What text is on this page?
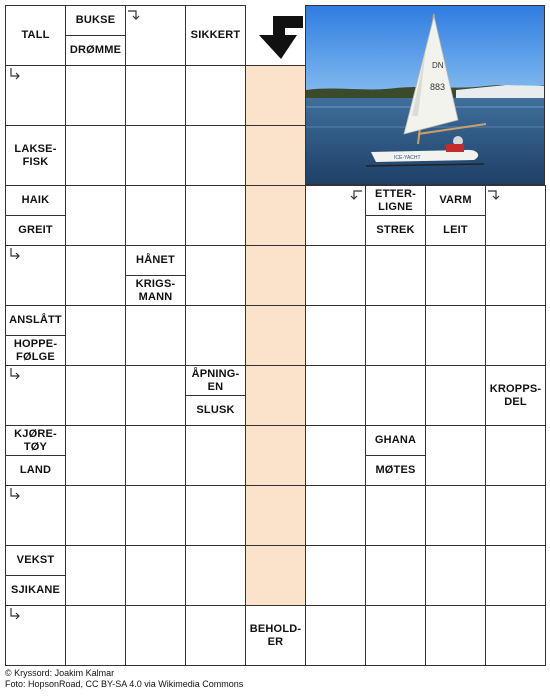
TALL
BUKSE
DRØMME
SIKKERT
LAKSE-
FISK
HAIK
GREIT
ETTER-
LIGNE
STREK
VARM
LEIT
HÅNET
KRIGS-
MANN
ANSLÅTT
HOPPE-
FØLGE
ÅPNING-
EN
SLUSK
KROPPS-
DEL
KJØRE-
TØY
LAND
GHANA
MØTES
VEKST
SJIKANE
BEHOLD-
ER
DN
883
ICE-YACHT
© Kryssord: Joakim Kalmar
Foto: HopsonRoad, CC BY-SA 4.0 via Wikimedia Commons
